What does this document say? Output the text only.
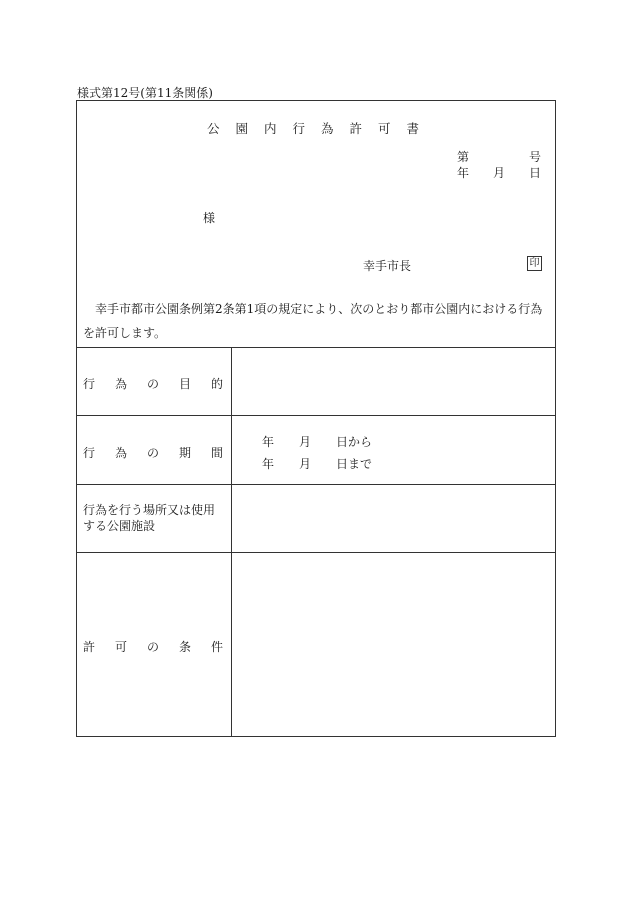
様式第12号(第11条関係)
公 園 内 行 為 許 可 書
第	号
年 月 日
様
幸手市長	印
幸手市都市公園条例第2条第1項の規定により、次のとおり都市公園内における行為を許可します。
行 為 の 目 的
行 為 の 期 間
年 月 日から
年 月 日まで
行為を行う場所又は使用する公園施設
許 可 の 条 件
